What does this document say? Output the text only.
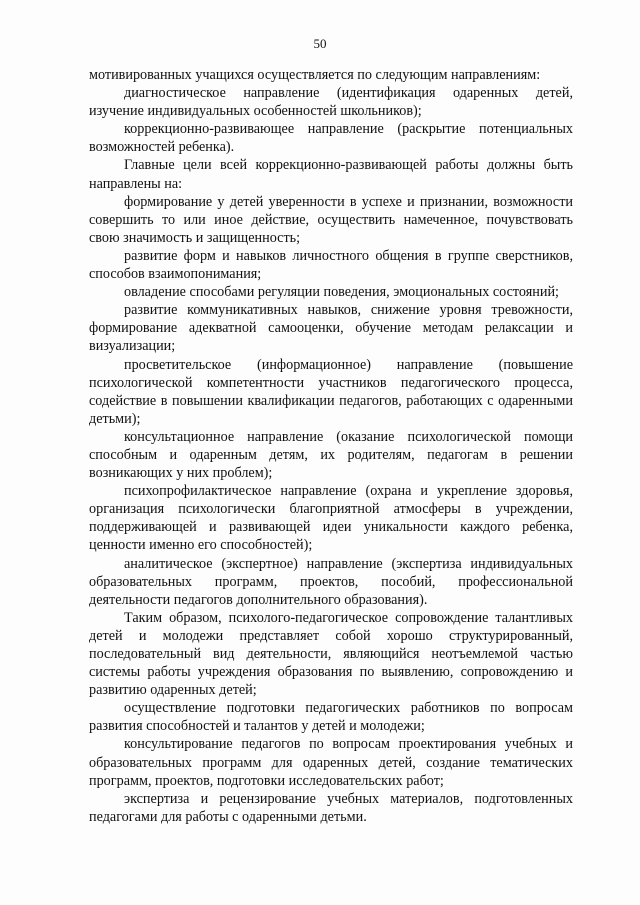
50

мотивированных учащихся осуществляется по следующим направлениям:

диагностическое направление (идентификация одаренных детей, изучение индивидуальных особенностей школьников);

коррекционно-развивающее направление (раскрытие потенциальных возможностей ребенка).

Главные цели всей коррекционно-развивающей работы должны быть направлены на:

формирование у детей уверенности в успехе и признании, возможности совершить то или иное действие, осуществить намеченное, почувствовать свою значимость и защищенность;

развитие форм и навыков личностного общения в группе сверстников, способов взаимопонимания;

овладение способами регуляции поведения, эмоциональных состояний;

развитие коммуникативных навыков, снижение уровня тревожности, формирование адекватной самооценки, обучение методам релаксации и визуализации;

просветительское (информационное) направление (повышение психологической компетентности участников педагогического процесса, содействие в повышении квалификации педагогов, работающих с одаренными детьми);

консультационное направление (оказание психологической помощи способным и одаренным детям, их родителям, педагогам в решении возникающих у них проблем);

психопрофилактическое направление (охрана и укрепление здоровья, организация психологически благоприятной атмосферы в учреждении, поддерживающей и развивающей идеи уникальности каждого ребенка, ценности именно его способностей);

аналитическое (экспертное) направление (экспертиза индивидуальных образовательных программ, проектов, пособий, профессиональной деятельности педагогов дополнительного образования).

Таким образом, психолого-педагогическое сопровождение талантливых детей и молодежи представляет собой хорошо структурированный, последовательный вид деятельности, являющийся неотъемлемой частью системы работы учреждения образования по выявлению, сопровождению и развитию одаренных детей;

осуществление подготовки педагогических работников по вопросам развития способностей и талантов у детей и молодежи;

консультирование педагогов по вопросам проектирования учебных и образовательных программ для одаренных детей, создание тематических программ, проектов, подготовки исследовательских работ;

экспертиза и рецензирование учебных материалов, подготовленных педагогами для работы с одаренными детьми.
